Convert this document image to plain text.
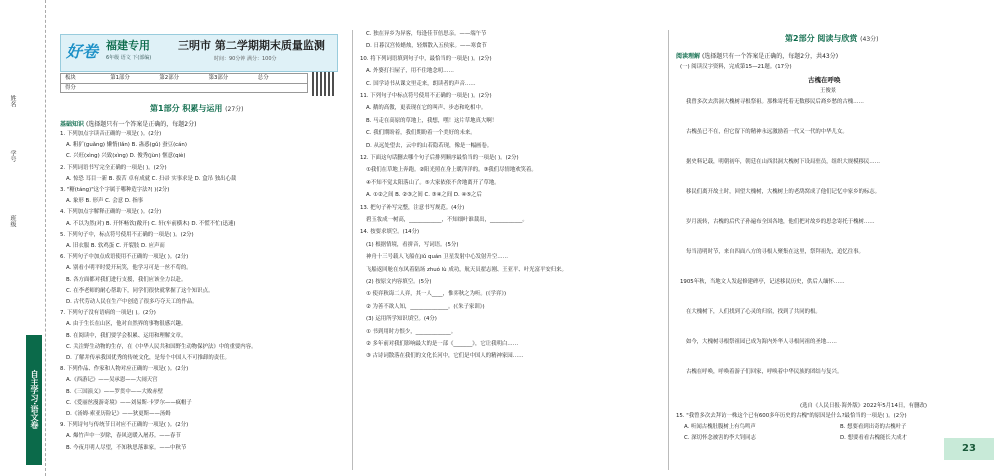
姓名
学号
班级
自主学习·语文卷
好卷 福建专用
6年级 语文 下(部编)
三明市 第二学期期末质量监测
时间：90分钟 满分：100分
板块	第1部分	第2部分	第3部分	总分
得分
第1部分 积累与运用 (27分)
基础知识 (选择题只有一个答案是正确的，每题2分)
1. 下列加点字读音正确的一项是( )。(2分)
A. 粗犷(guǎng) 懒惰(lǎn) B. 蛊惑(gǔ) 蚕豆(cán)
C. 兴旺(xìng) 兴致(xìng) D. 俊秀(jùn) 惬意(qiè)
2. 下列词语书写完全正确的一项是( )。(2分)
A. 惊恐 耳目一新 B. 拔苦 卓有成就 C. 扫帚 实事求是 D. 盒吊 独出心裁
3. "糖(táng)"这个字属于哪种造字法?( )(2分)
A. 象形 B. 形声 C. 会意 D. 指事
4. 下列加点字解释正确的一项是( )。(2分)
A. 不以为然(对) B. 开怀畅饮(敞开) C. 轩(车前横木) D. 不慌不忙(迅速)
5. 下列句子中，标点符号使用不正确的一项是( )。(2分)
A. 旧衣服 B. 软鸡蛋 C. 开裂肢 D. 应声而
6. 下列句子中加点成语使用不正确的一项是( )。(2分)
A. 别看小明平时爱开玩笑，他学习可是一丝不苟的。
B. 各方面都对我们进行支援，我们应该全力以赴。
C. 在李老师的耐心帮助下，同学们很快就掌握了这个知识点。
D. 古代劳动人民在生产中创造了很多巧夺天工的作品。
7. 下列句子没有语病的一项是( )。(2分)
A. 由于生长在山区，他对自然界的事物很感兴趣。
B. 在阅读中，我们要学会积累、运用和理解文章。
C. 关注野生动物的生存，在《中华人民共和国野生动物保护法》中的重要内容。
D. 了解并传承我国优秀的传统文化，是每个中国人不可推卸的责任。
8. 下列作品、作家和人物对应正确的一项是( )。(2分)
A.《西游记》——吴承恩——大闹天宫
B.《三国演义》——罗贯中——大败赤壁
C.《爱丽丝漫游奇境》——刘易斯·卡罗尔——疯帽子
D.《汤姆·索亚历险记》——狄更斯——汤姆
9. 下列诗句与传统节日对应不正确的一项是( )。(2分)
A. 爆竹声中一岁除，春风送暖入屠苏。——春节
B. 今夜月明人尽望，不知秋思落谁家。——中秋节
C. 独在异乡为异客，每逢佳节倍思亲。——端午节
D. 日暮汉宫传蜡烛，轻烟散入五侯家。——寒食节
10. 将下列词语填到句子中，最恰当的一项是( )。(2分)
A. 外婆打扫屋子，用不住地念叨……
C. 国学诗书从课文里走来，朗读者的声音……
11. 下列句子中标点符号使用不正确的一项是( )。(2分)
A. 鹅的高傲，更表现在它的叫声、步态和吃相中。
B. 马走在高原的草地上，我想，嘿！这片草地真大啊！
C. 我们期盼着，我们期盼着一个美好的未来。
D. 从远处望去，云中的山若隐若现，像是一幅画卷。
12. 下面这句话删去哪个句子后排列顺序最恰当的一项是( )。(2分)
①我们在草地上奔跑。②阳光照在身上暖洋洋的。③我们尽情地欢笑着。
④不知不觉太阳落山了。⑤大家依依不舍地离开了草地。
A. ①②之间 B. ②③之间 C. ③④之间 D. ④⑤之后
13. 把句子补写完整，注意书写规范。(4分)
碧玉妆成一树高，____________，不知细叶谁裁出，____________。
14. 按要求填空。(14分)
(1) 根据情境，看拼音，写词语。(5分)
神舟十三号载人飞船在jiǔ quán 卫星发射中心发射升空……
飞船返回舱在东风着陆场 zhuó lù 成功，航天员翟志刚、王亚平、叶光富平安归来。
(2) 按原文内容填空。(5分)
① 使弈秋诲二人弈，其一人____，惟弈秋之为听。(《学弈》)
② 为善不欲人知，______________。(《朱子家训》)
(3) 运用所学知识填空。(4分)
① 书到用时方恨少，_____________。
② 多年前对我们影响最大的是一部《_______》，它让我明白……
③ 古诗词散落在我们的文化长河中，它们是中国人的精神家园……
第2部分 阅读与欣赏 (43分)
阅读理解 (选择题只有一个答案是正确的，每题2分，共43分)
(一) 阅读汉字资料，完成第15—21题。(17分)
古槐在呼唤
王俊景
我曾多次去洪洞大槐树寻根祭祖。那株寄托着无数移民后裔乡愁的古槐……
古槐虽已不在，但它留下的精神永远激励着一代又一代的中华儿女。
据史料记载，明朝初年，朝廷在山西洪洞大槐树下设局驻员，组织大规模移民……
移民们离开故土时，回望大槐树，大槐树上的老鸹窝成了他们记忆中家乡的标志。
岁月流转，古槐的后代子孙遍布全国各地，他们把对故乡的思念寄托于槐树……
每当清明时节，来自四面八方的寻根人聚集在这里，祭拜祖先，追忆往事。
1905年秋，当地文人发起修建碑亭，记述移民历史，供后人缅怀……
在大槐树下，人们找到了心灵的归宿，找到了共同的根。
如今，大槐树寻根祭祖园已成为海内外华人寻根问祖的圣地……
古槐在呼唤，呼唤着游子们回家，呼唤着中华民族的团结与复兴。
(选自《人民日报·海外版》2022年5月14日，有删改)
15. "我曾多次去拜访一株这个已有600多年历史的古槐"的原因是什么?最恰当的一项是( )。(2分)
A. 听闻古槐肚腹树上有鸟鸣声	B. 想要看到出奇的古槐叶子
C. 深切怀念被害的李大钊同志	D. 想要看看古槐能长大成才
23
